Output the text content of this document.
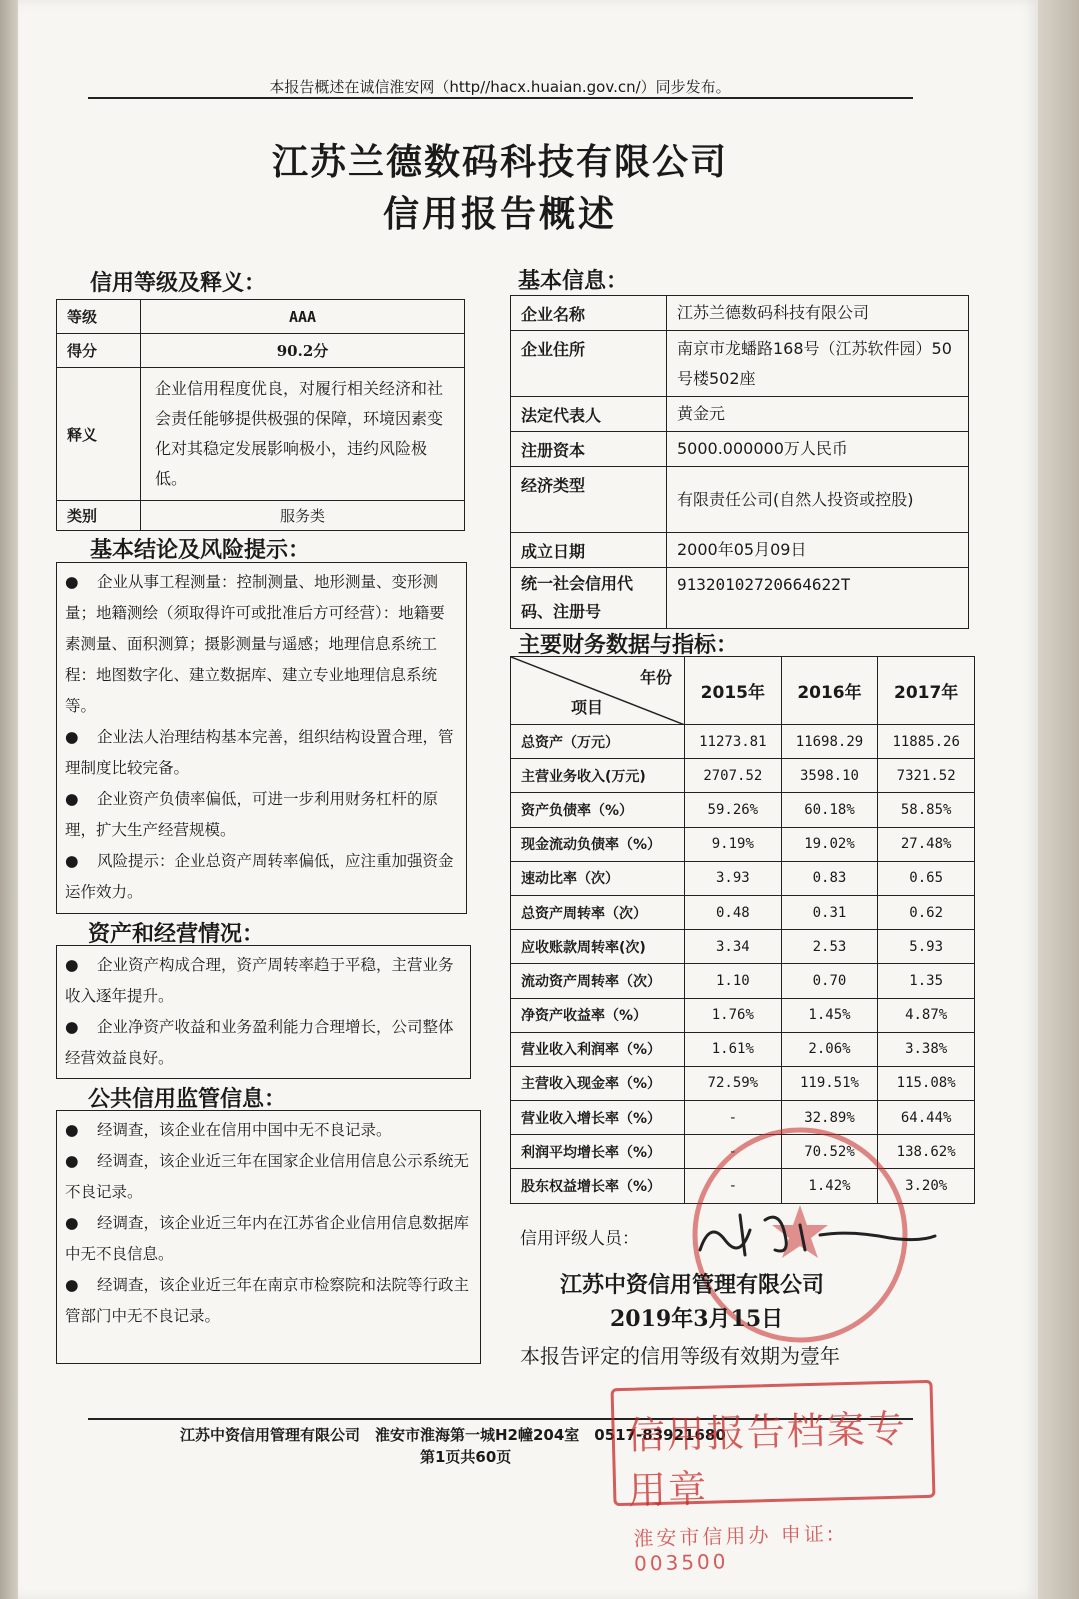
本报告概述在诚信淮安网（http//hacx.huaian.gov.cn/）同步发布。
江苏兰德数码科技有限公司
信用报告概述
信用等级及释义：
等级	AAA
得分	90.2分
释义	企业信用程度优良，对履行相关经济和社会责任能够提供极强的保障，环境因素变化对其稳定发展影响极小，违约风险极低。
类别	服务类
基本结论及风险提示：

● 企业从事工程测量：控制测量、地形测量、变形测量；地籍测绘（须取得许可或批准后方可经营）：地籍要素测量、面积测算；摄影测量与遥感；地理信息系统工程：地图数字化、建立数据库、建立专业地理信息系统等。

● 企业法人治理结构基本完善，组织结构设置合理，管理制度比较完备。

● 企业资产负债率偏低，可进一步利用财务杠杆的原理，扩大生产经营规模。

● 风险提示：企业总资产周转率偏低，应注重加强资金运作效力。

资产和经营情况：

● 企业资产构成合理，资产周转率趋于平稳，主营业务收入逐年提升。

● 企业净资产收益和业务盈利能力合理增长，公司整体经营效益良好。

公共信用监管信息：

● 经调查，该企业在信用中国中无不良记录。

● 经调查，该企业近三年在国家企业信用信息公示系统无不良记录。

● 经调查，该企业近三年内在江苏省企业信用信息数据库中无不良信息。

● 经调查，该企业近三年在南京市检察院和法院等行政主管部门中无不良记录。

基本信息：
企业名称	江苏兰德数码科技有限公司
企业住所	南京市龙蟠路168号（江苏软件园）50号楼502座
法定代表人	黄金元
注册资本	5000.000000万人民币
经济类型	有限责任公司(自然人投资或控股)
成立日期	2000年05月09日
统一社会信用代码、注册号	91320102720664622T
主要财务数据与指标：
年份
项目	2015年	2016年	2017年
总资产（万元）	11273.81	11698.29	11885.26
主营业务收入(万元)	2707.52	3598.10	7321.52
资产负债率（%）	59.26%	60.18%	58.85%
现金流动负债率（%）	9.19%	19.02%	27.48%
速动比率（次）	3.93	0.83	0.65
总资产周转率（次）	0.48	0.31	0.62
应收账款周转率(次)	3.34	2.53	5.93
流动资产周转率（次）	1.10	0.70	1.35
净资产收益率（%）	1.76%	1.45%	4.87%
营业收入利润率（%）	1.61%	2.06%	3.38%
主营收入现金率（%）	72.59%	119.51%	115.08%
营业收入增长率（%）	-	32.89%	64.44%
利润平均增长率（%）	-	70.52%	138.62%
股东权益增长率（%）	-	1.42%	3.20%
信用评级人员：
江苏中资信用管理有限公司
2019年3月15日
本报告评定的信用等级有效期为壹年
江苏中资信用管理有限公司　淮安市淮海第一城H2幢204室　0517-83921680
第1页共60页	信用报告档案专用章
淮安市信用办 申证: 003500
